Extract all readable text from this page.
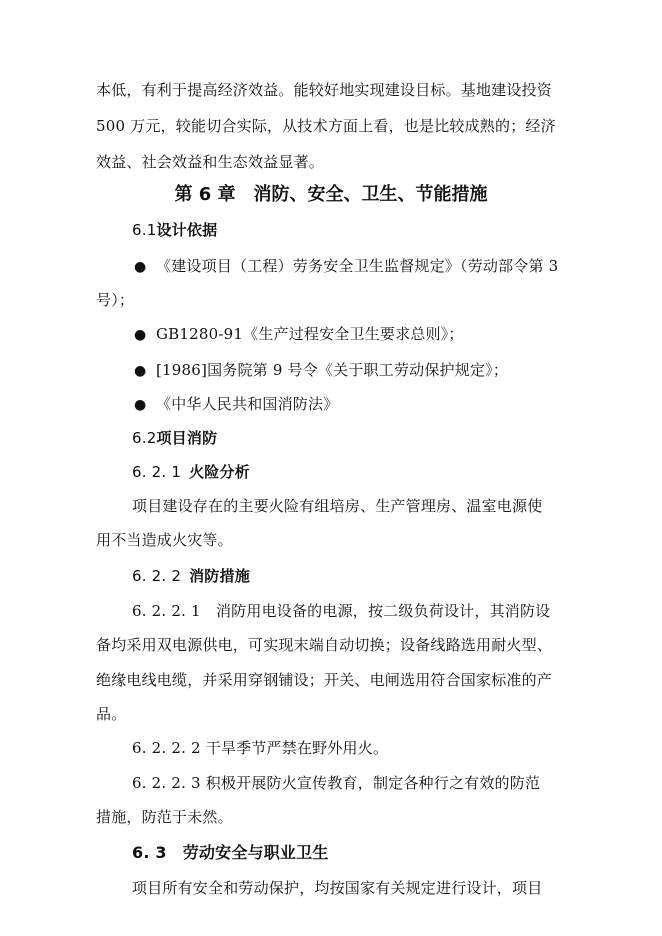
本低，有利于提高经济效益。能较好地实现建设目标。基地建设投资
500 万元，较能切合实际，从技术方面上看，也是比较成熟的；经济
效益、社会效益和生态效益显著。
第 6 章　消防、安全、卫生、节能措施
6.1设计依据
● 《建设项目（工程）劳务安全卫生监督规定》（劳动部令第 3
号）；
● GB1280-91《生产过程安全卫生要求总则》；
● [1986]国务院第 9 号令《关于职工劳动保护规定》；
● 《中华人民共和国消防法》
6.2项目消防
6. 2. 1 火险分析
项目建设存在的主要火险有组培房、生产管理房、温室电源使
用不当造成火灾等。
6. 2. 2 消防措施
6. 2. 2. 1　消防用电设备的电源，按二级负荷设计，其消防设
备均采用双电源供电，可实现末端自动切换；设备线路选用耐火型、
绝缘电线电缆，并采用穿钢铺设；开关、电闸选用符合国家标准的产
品。
6. 2. 2. 2 干旱季节严禁在野外用火。
6. 2. 2. 3 积极开展防火宣传教育，制定各种行之有效的防范
措施，防范于未然。
6. 3 劳动安全与职业卫生
项目所有安全和劳动保护，均按国家有关规定进行设计，项目
